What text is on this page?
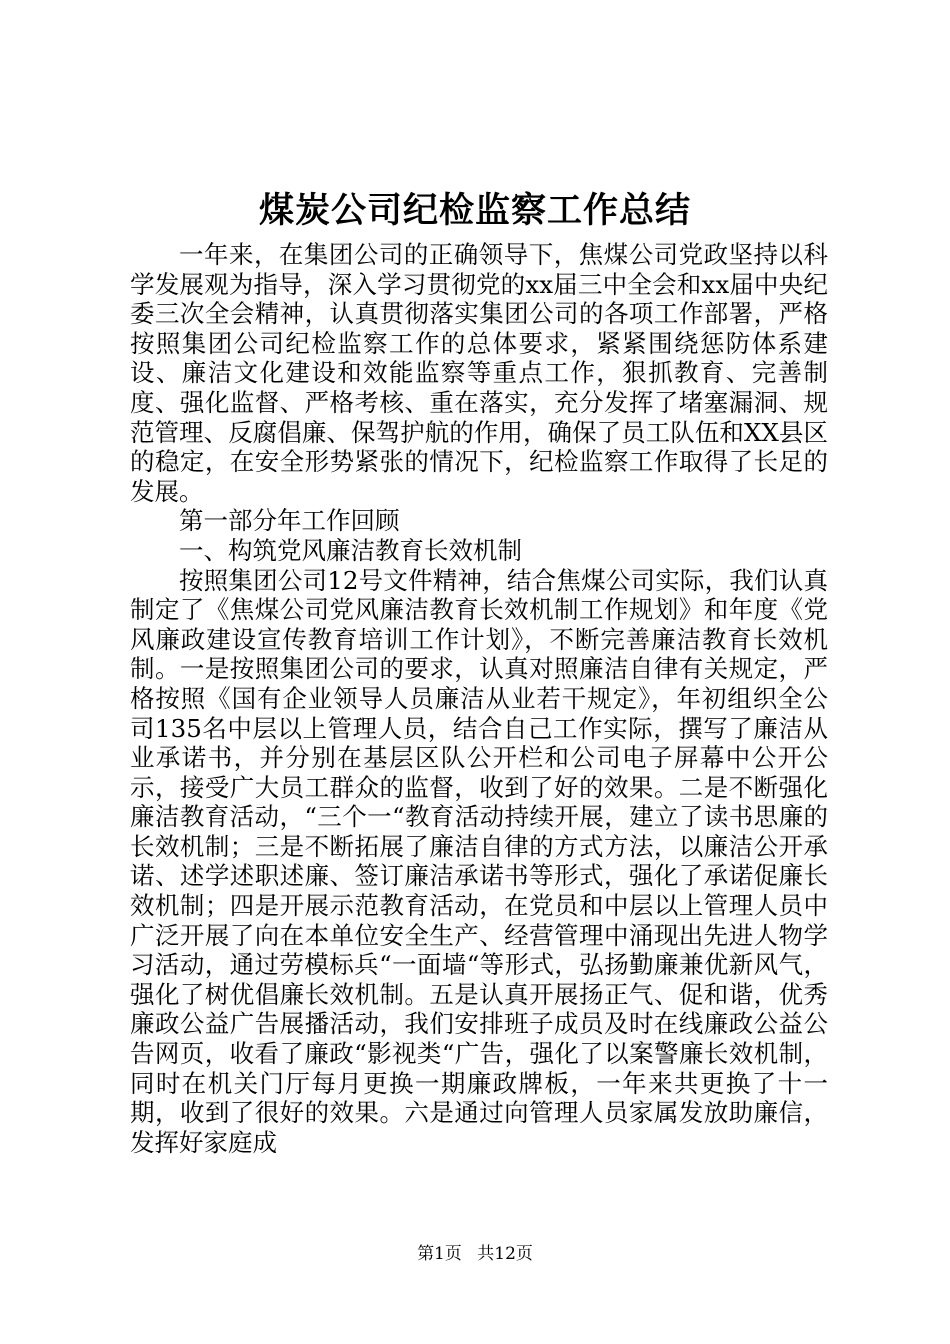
煤炭公司纪检监察工作总结

一年来，在集团公司的正确领导下，焦煤公司党政坚持以科学发展观为指导，深入学习贯彻党的xx届三中全会和xx届中央纪委三次全会精神，认真贯彻落实集团公司的各项工作部署，严格按照集团公司纪检监察工作的总体要求，紧紧围绕惩防体系建设、廉洁文化建设和效能监察等重点工作，狠抓教育、完善制度、强化监督、严格考核、重在落实，充分发挥了堵塞漏洞、规范管理、反腐倡廉、保驾护航的作用，确保了员工队伍和XX县区的稳定，在安全形势紧张的情况下，纪检监察工作取得了长足的发展。

第一部分年工作回顾

一、构筑党风廉洁教育长效机制

按照集团公司12号文件精神，结合焦煤公司实际，我们认真制定了《焦煤公司党风廉洁教育长效机制工作规划》和年度《党风廉政建设宣传教育培训工作计划》，不断完善廉洁教育长效机制。一是按照集团公司的要求，认真对照廉洁自律有关规定，严格按照《国有企业领导人员廉洁从业若干规定》，年初组织全公司135名中层以上管理人员，结合自己工作实际，撰写了廉洁从业承诺书，并分别在基层区队公开栏和公司电子屏幕中公开公示，接受广大员工群众的监督，收到了好的效果。二是不断强化廉洁教育活动，“三个一“教育活动持续开展，建立了读书思廉的长效机制；三是不断拓展了廉洁自律的方式方法，以廉洁公开承诺、述学述职述廉、签订廉洁承诺书等形式，强化了承诺促廉长效机制；四是开展示范教育活动，在党员和中层以上管理人员中广泛开展了向在本单位安全生产、经营管理中涌现出先进人物学习活动，通过劳模标兵“一面墙“等形式，弘扬勤廉兼优新风气，强化了树优倡廉长效机制。五是认真开展扬正气、促和谐，优秀廉政公益广告展播活动，我们安排班子成员及时在线廉政公益公告网页，收看了廉政“影视类“广告，强化了以案警廉长效机制，同时在机关门厅每月更换一期廉政牌板，一年来共更换了十一期，收到了很好的效果。六是通过向管理人员家属发放助廉信，发挥好家庭成

第1页 共12页
